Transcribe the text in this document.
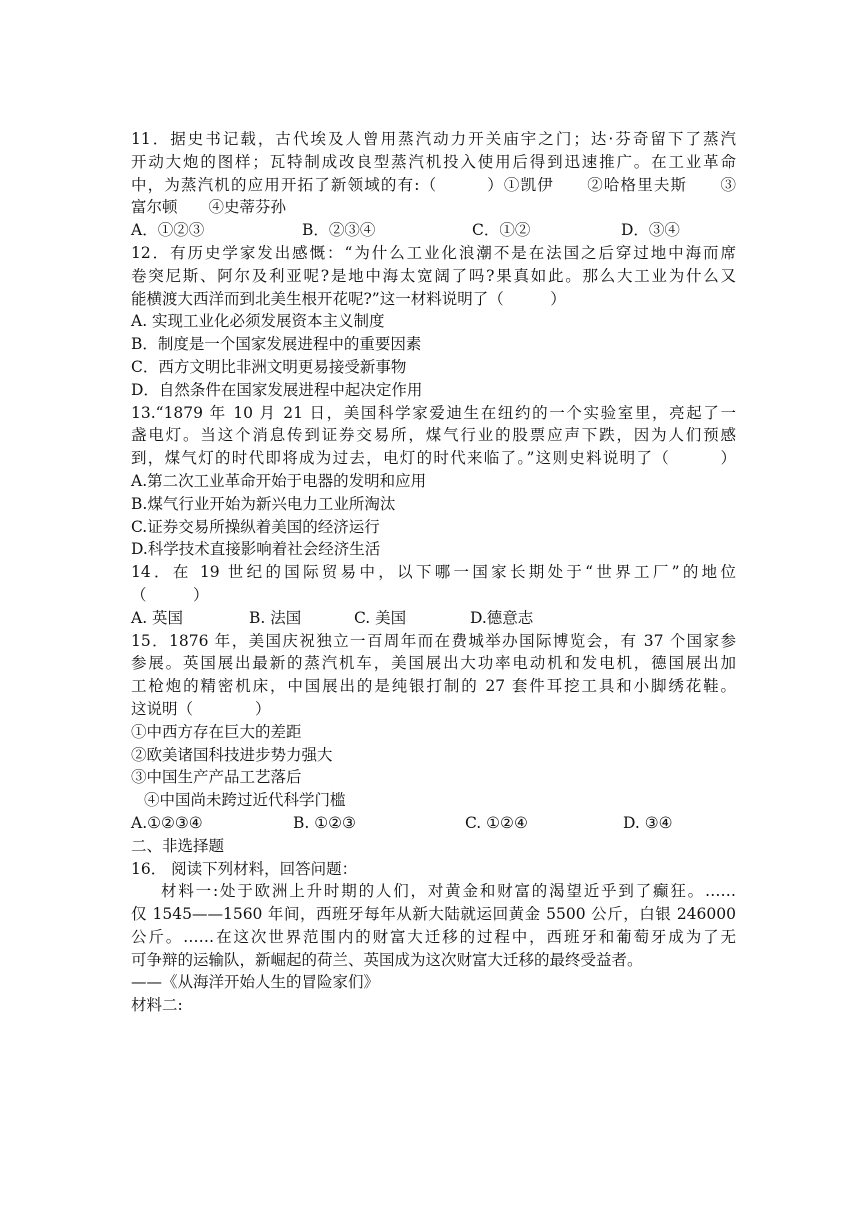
11．据史书记载，古代埃及人曾用蒸汽动力开关庙宇之门；达·芬奇留下了蒸汽
开动大炮的图样；瓦特制成改良型蒸汽机投入使用后得到迅速推广。在工业革命
中，为蒸汽机的应用开拓了新领域的有:（　　　）①凯伊　　②哈格里夫斯　　③
富尔顿　　④史蒂芬孙
A．①②③	B．②③④	C．①②	D．③④
12．有历史学家发出感慨：“为什么工业化浪潮不是在法国之后穿过地中海而席
卷突尼斯、阿尔及利亚呢?是地中海太宽阔了吗?果真如此。那么大工业为什么又
能横渡大西洋而到北美生根开花呢?”这一材料说明了（　　　）
A. 实现工业化必须发展资本主义制度
B．制度是一个国家发展进程中的重要因素
C．西方文明比非洲文明更易接受新事物
D．自然条件在国家发展进程中起决定作用
13.“1879 年 10 月 21 日，美国科学家爱迪生在纽约的一个实验室里，亮起了一
盏电灯。当这个消息传到证券交易所，煤气行业的股票应声下跌，因为人们预感
到，煤气灯的时代即将成为过去，电灯的时代来临了。”这则史料说明了（　　　）
A.第二次工业革命开始于电器的发明和应用
B.煤气行业开始为新兴电力工业所淘汰
C.证券交易所操纵着美国的经济运行
D.科学技术直接影响着社会经济生活
14．在 19 世纪的国际贸易中，以下哪一国家长期处于“世界工厂”的地位
（　　　）
A. 英国	B. 法国	C. 美国	D.德意志
15．1876 年，美国庆祝独立一百周年而在费城举办国际博览会，有 37 个国家参
参展。英国展出最新的蒸汽机车，美国展出大功率电动机和发电机，德国展出加
工枪炮的精密机床，中国展出的是纯银打制的 27 套件耳挖工具和小脚绣花鞋。
这说明（　　　　）
①中西方存在巨大的差距
②欧美诸国科技进步势力强大
③中国生产产品工艺落后
④中国尚未跨过近代科学门槛
A.①②③④	B. ①②③	C. ①②④	D. ③④
二、非选择题
16． 阅读下列材料，回答问题：
材料一:处于欧洲上升时期的人们，对黄金和财富的渴望近乎到了癫狂。……
仅 1545——1560 年间，西班牙每年从新大陆就运回黄金 5500 公斤，白银 246000
公斤。……在这次世界范围内的财富大迁移的过程中，西班牙和葡萄牙成为了无
可争辩的运输队，新崛起的荷兰、英国成为这次财富大迁移的最终受益者。
——《从海洋开始人生的冒险家们》
材料二:
